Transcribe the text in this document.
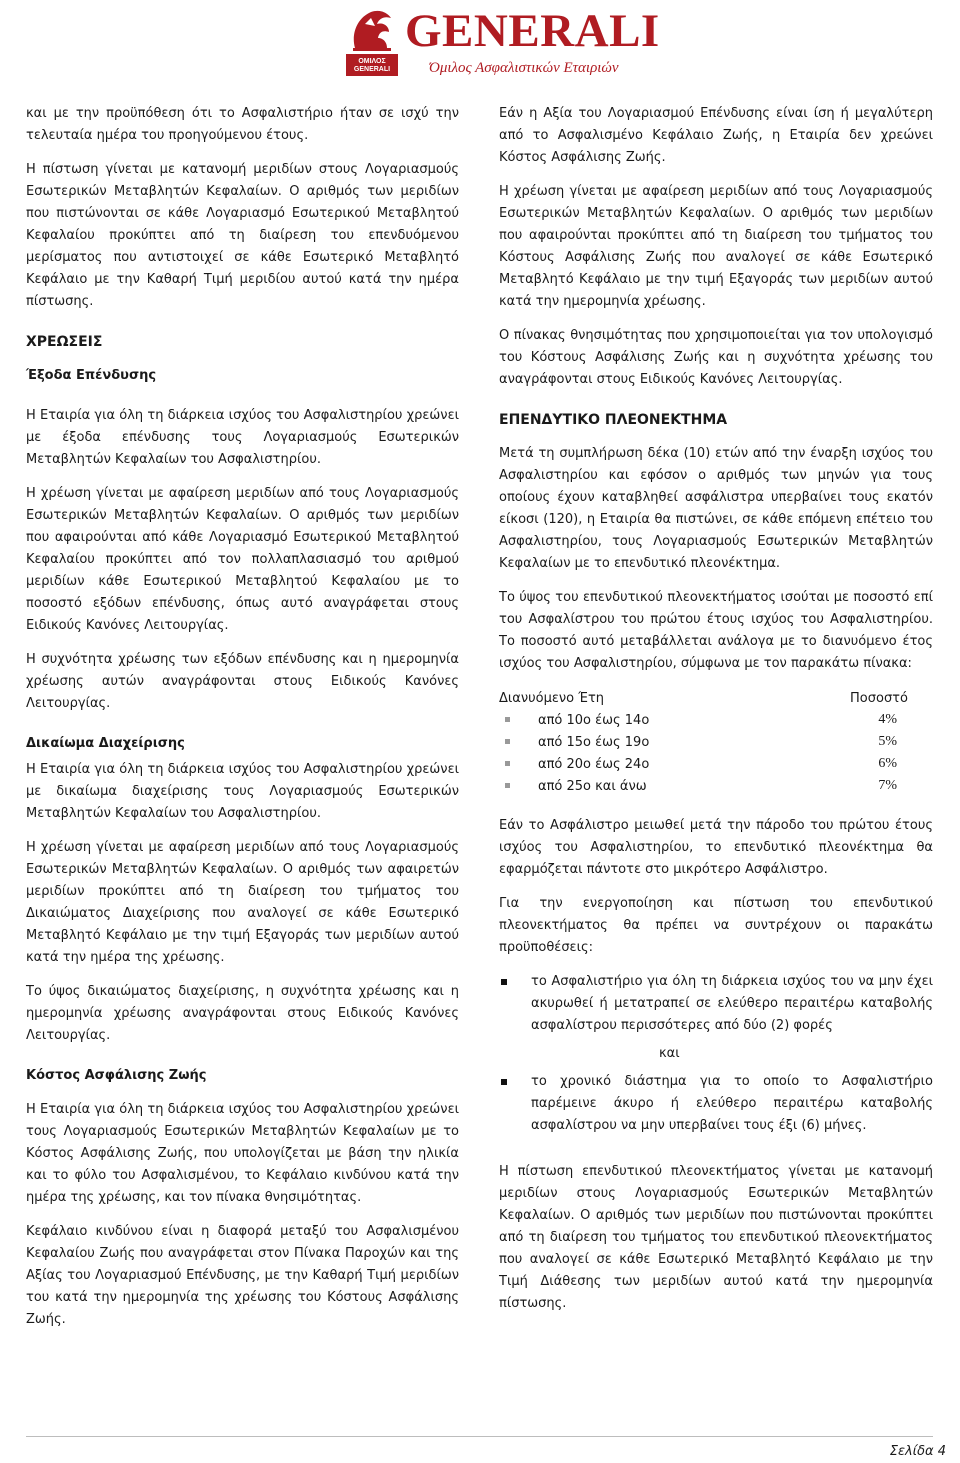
ΟΜΙΛΟΣ
GENERALI
GENERALI
Όμιλος Ασφαλιστικών Εταιριών

και με την προϋπόθεση ότι το Ασφαλιστήριο ήταν σε ισχύ την τελευταία ημέρα του προηγούμενου έτους.

Η πίστωση γίνεται με κατανομή μεριδίων στους Λογαριασμούς Εσωτερικών Μεταβλητών Κεφαλαίων. Ο αριθμός των μεριδίων που πιστώνονται σε κάθε Λογαριασμό Εσωτερικού Μεταβλητού Κεφαλαίου προκύπτει από τη διαίρεση του επενδυόμενου μερίσματος που αντιστοιχεί σε κάθε Εσωτερικό Μεταβλητό Κεφάλαιο με την Καθαρή Τιμή μεριδίου αυτού κατά την ημέρα πίστωσης.

ΧΡΕΩΣΕΙΣ

Έξοδα Επένδυσης

Η Εταιρία για όλη τη διάρκεια ισχύος του Ασφαλιστηρίου χρεώνει με έξοδα επένδυσης τους Λογαριασμούς Εσωτερικών Μεταβλητών Κεφαλαίων του Ασφαλιστηρίου.

Η χρέωση γίνεται με αφαίρεση μεριδίων από τους Λογαριασμούς Εσωτερικών Μεταβλητών Κεφαλαίων. Ο αριθμός των μεριδίων που αφαιρούνται από κάθε Λογαριασμό Εσωτερικού Μεταβλητού Κεφαλαίου προκύπτει από τον πολλαπλασιασμό του αριθμού μεριδίων κάθε Εσωτερικού Μεταβλητού Κεφαλαίου με το ποσοστό εξόδων επένδυσης, όπως αυτό αναγράφεται στους Ειδικούς Κανόνες Λειτουργίας.

Η συχνότητα χρέωσης των εξόδων επένδυσης και η ημερομηνία χρέωσης αυτών αναγράφονται στους Ειδικούς Κανόνες Λειτουργίας.

Δικαίωμα Διαχείρισης

Η Εταιρία για όλη τη διάρκεια ισχύος του Ασφαλιστηρίου χρεώνει με δικαίωμα διαχείρισης τους Λογαριασμούς Εσωτερικών Μεταβλητών Κεφαλαίων του Ασφαλιστηρίου.

Η χρέωση γίνεται με αφαίρεση μεριδίων από τους Λογαριασμούς Εσωτερικών Μεταβλητών Κεφαλαίων. Ο αριθμός των αφαιρετών μεριδίων προκύπτει από τη διαίρεση του τμήματος του Δικαιώματος Διαχείρισης που αναλογεί σε κάθε Εσωτερικό Μεταβλητό Κεφάλαιο με την τιμή Εξαγοράς των μεριδίων αυτού κατά την ημέρα της χρέωσης.

Το ύψος δικαιώματος διαχείρισης, η συχνότητα χρέωσης και η ημερομηνία χρέωσης αναγράφονται στους Ειδικούς Κανόνες Λειτουργίας.

Κόστος Ασφάλισης Ζωής

Η Εταιρία για όλη τη διάρκεια ισχύος του Ασφαλιστηρίου χρεώνει τους Λογαριασμούς Εσωτερικών Μεταβλητών Κεφαλαίων με το Κόστος Ασφάλισης Ζωής, που υπολογίζεται με βάση την ηλικία και το φύλο του Ασφαλισμένου, το Κεφάλαιο κινδύνου κατά την ημέρα της χρέωσης, και τον πίνακα θνησιμότητας.

Κεφάλαιο κινδύνου είναι η διαφορά μεταξύ του Ασφαλισμένου Κεφαλαίου Ζωής που αναγράφεται στον Πίνακα Παροχών και της Αξίας του Λογαριασμού Επένδυσης, με την Καθαρή Τιμή μεριδίων του κατά την ημερομηνία της χρέωσης του Κόστους Ασφάλισης Ζωής.

Εάν η Αξία του Λογαριασμού Επένδυσης είναι ίση ή μεγαλύτερη από το Ασφαλισμένο Κεφάλαιο Ζωής, η Εταιρία δεν χρεώνει Κόστος Ασφάλισης Ζωής.

Η χρέωση γίνεται με αφαίρεση μεριδίων από τους Λογαριασμούς Εσωτερικών Μεταβλητών Κεφαλαίων. Ο αριθμός των μεριδίων που αφαιρούνται προκύπτει από τη διαίρεση του τμήματος του Κόστους Ασφάλισης Ζωής που αναλογεί σε κάθε Εσωτερικό Μεταβλητό Κεφάλαιο με την τιμή Εξαγοράς των μεριδίων αυτού κατά την ημερομηνία χρέωσης.

Ο πίνακας θνησιμότητας που χρησιμοποιείται για τον υπολογισμό του Κόστους Ασφάλισης Ζωής και η συχνότητα χρέωσης του αναγράφονται στους Ειδικούς Κανόνες Λειτουργίας.

ΕΠΕΝΔΥΤΙΚΟ ΠΛΕΟΝΕΚΤΗΜΑ

Μετά τη συμπλήρωση δέκα (10) ετών από την έναρξη ισχύος του Ασφαλιστηρίου και εφόσον ο αριθμός των μηνών για τους οποίους έχουν καταβληθεί ασφάλιστρα υπερβαίνει τους εκατόν είκοσι (120), η Εταιρία θα πιστώνει, σε κάθε επόμενη επέτειο του Ασφαλιστηρίου, τους Λογαριασμούς Εσωτερικών Μεταβλητών Κεφαλαίων με το επενδυτικό πλεονέκτημα.

Το ύψος του επενδυτικού πλεονεκτήματος ισούται με ποσοστό επί του Ασφαλίστρου του πρώτου έτους ισχύος του Ασφαλιστηρίου. Το ποσοστό αυτό μεταβάλλεται ανάλογα με το διανυόμενο έτος ισχύος του Ασφαλιστηρίου, σύμφωνα με τον παρακάτω πίνακα:

Διανυόμενο Έτη	Ποσοστό
από 10ο έως 14ο	4%
από 15ο έως 19ο	5%
από 20ο έως 24ο	6%
από 25ο και άνω	7%

Εάν το Ασφάλιστρο μειωθεί μετά την πάροδο του πρώτου έτους ισχύος του Ασφαλιστηρίου, το επενδυτικό πλεονέκτημα θα εφαρμόζεται πάντοτε στο μικρότερο Ασφάλιστρο.

Για την ενεργοποίηση και πίστωση του επενδυτικού πλεονεκτήματος θα πρέπει να συντρέχουν οι παρακάτω προϋποθέσεις:

το Ασφαλιστήριο για όλη τη διάρκεια ισχύος του να μην έχει ακυρωθεί ή μετατραπεί σε ελεύθερο περαιτέρω καταβολής ασφαλίστρου περισσότερες από δύο (2) φορές

και

το χρονικό διάστημα για το οποίο το Ασφαλιστήριο παρέμεινε άκυρο ή ελεύθερο περαιτέρω καταβολής ασφαλίστρου να μην υπερβαίνει τους έξι (6) μήνες.

Η πίστωση επενδυτικού πλεονεκτήματος γίνεται με κατανομή μεριδίων στους Λογαριασμούς Εσωτερικών Μεταβλητών Κεφαλαίων. Ο αριθμός των μεριδίων που πιστώνονται προκύπτει από τη διαίρεση του τμήματος του επενδυτικού πλεονεκτήματος που αναλογεί σε κάθε Εσωτερικό Μεταβλητό Κεφάλαιο με την Τιμή Διάθεσης των μεριδίων αυτού κατά την ημερομηνία πίστωσης.

Σελίδα 4
